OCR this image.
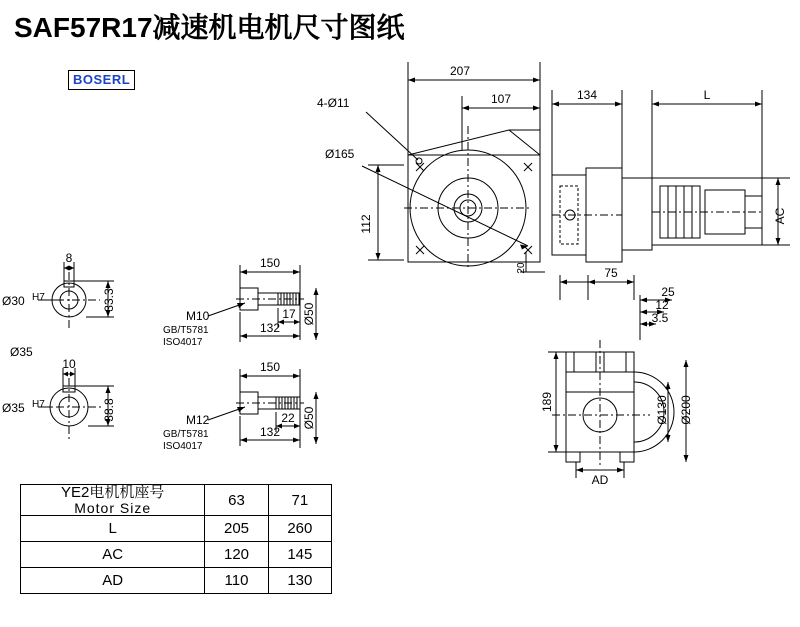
SAF57R17减速机电机尺寸图纸
BOSERL
207
107	134	L
AC
4-Ø11
Ø165
112
20	75
25
12
3.5
189	Ø130 Ø200
AD
8
Ø30 H7	33.3
Ø35
10
Ø35 H7	38.8
150
17
132
Ø50
M10
GB/T5781
ISO4017
150
22
132
Ø50
M12
GB/T5781
ISO4017
YE2电机机座号
Motor Size	63	71
L	205	260
AC	120	145
AD	110	130
